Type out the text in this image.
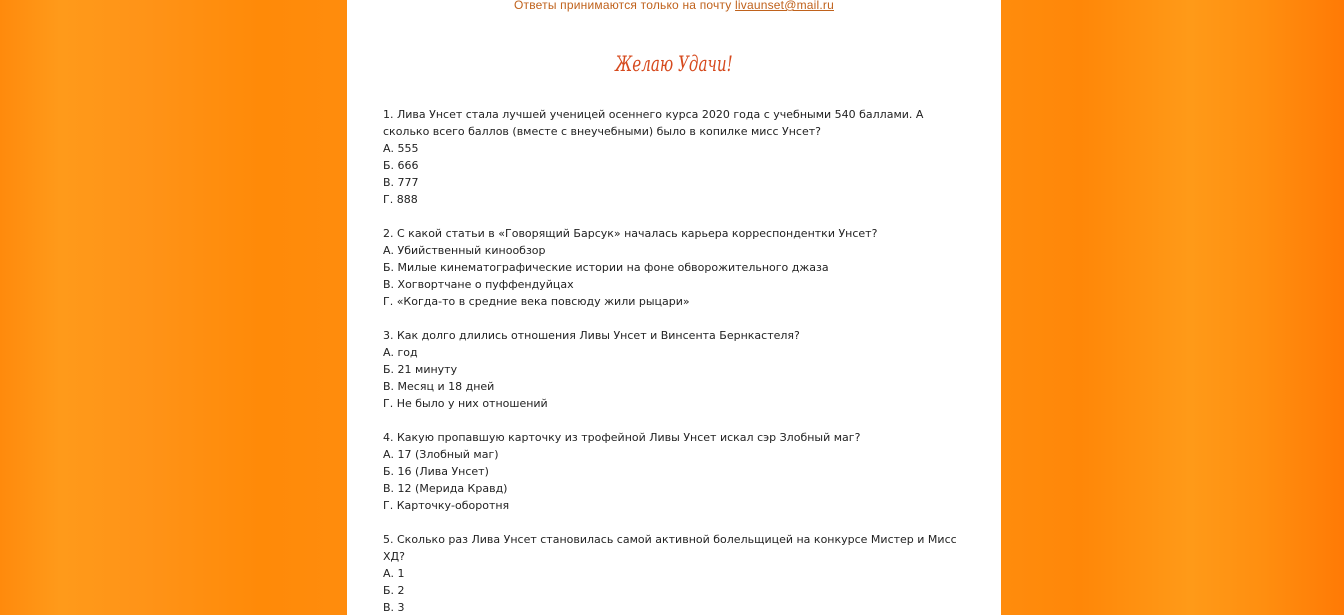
Ответы принимаются только на почту livaunset@mail.ru
Желаю Удачи!
1. Лива Унсет стала лучшей ученицей осеннего курса 2020 года с учебными 540 баллами. А сколько всего баллов (вместе с внеучебными) было в копилке мисс Унсет?
А. 555
Б. 666
В. 777
Г. 888
2. С какой статьи в «Говорящий Барсук» началась карьера корреспондентки Унсет?
А. Убийственный кинообзор
Б. Милые кинематографические истории на фоне обворожительного джаза
В. Хогвортчане о пуффендуйцах
Г. «Когда-то в средние века повсюду жили рыцари»
3. Как долго длились отношения Ливы Унсет и Винсента Бернкастеля?
А. год
Б. 21 минуту
В. Месяц и 18 дней
Г. Не было у них отношений
4. Какую пропавшую карточку из трофейной Ливы Унсет искал сэр Злобный маг?
А. 17 (Злобный маг)
Б. 16 (Лива Унсет)
В. 12 (Мерида Кравд)
Г. Карточку-оборотня
5. Сколько раз Лива Унсет становилась самой активной болельщицей на конкурсе Мистер и Мисс ХД?
А. 1
Б. 2
В. 3
